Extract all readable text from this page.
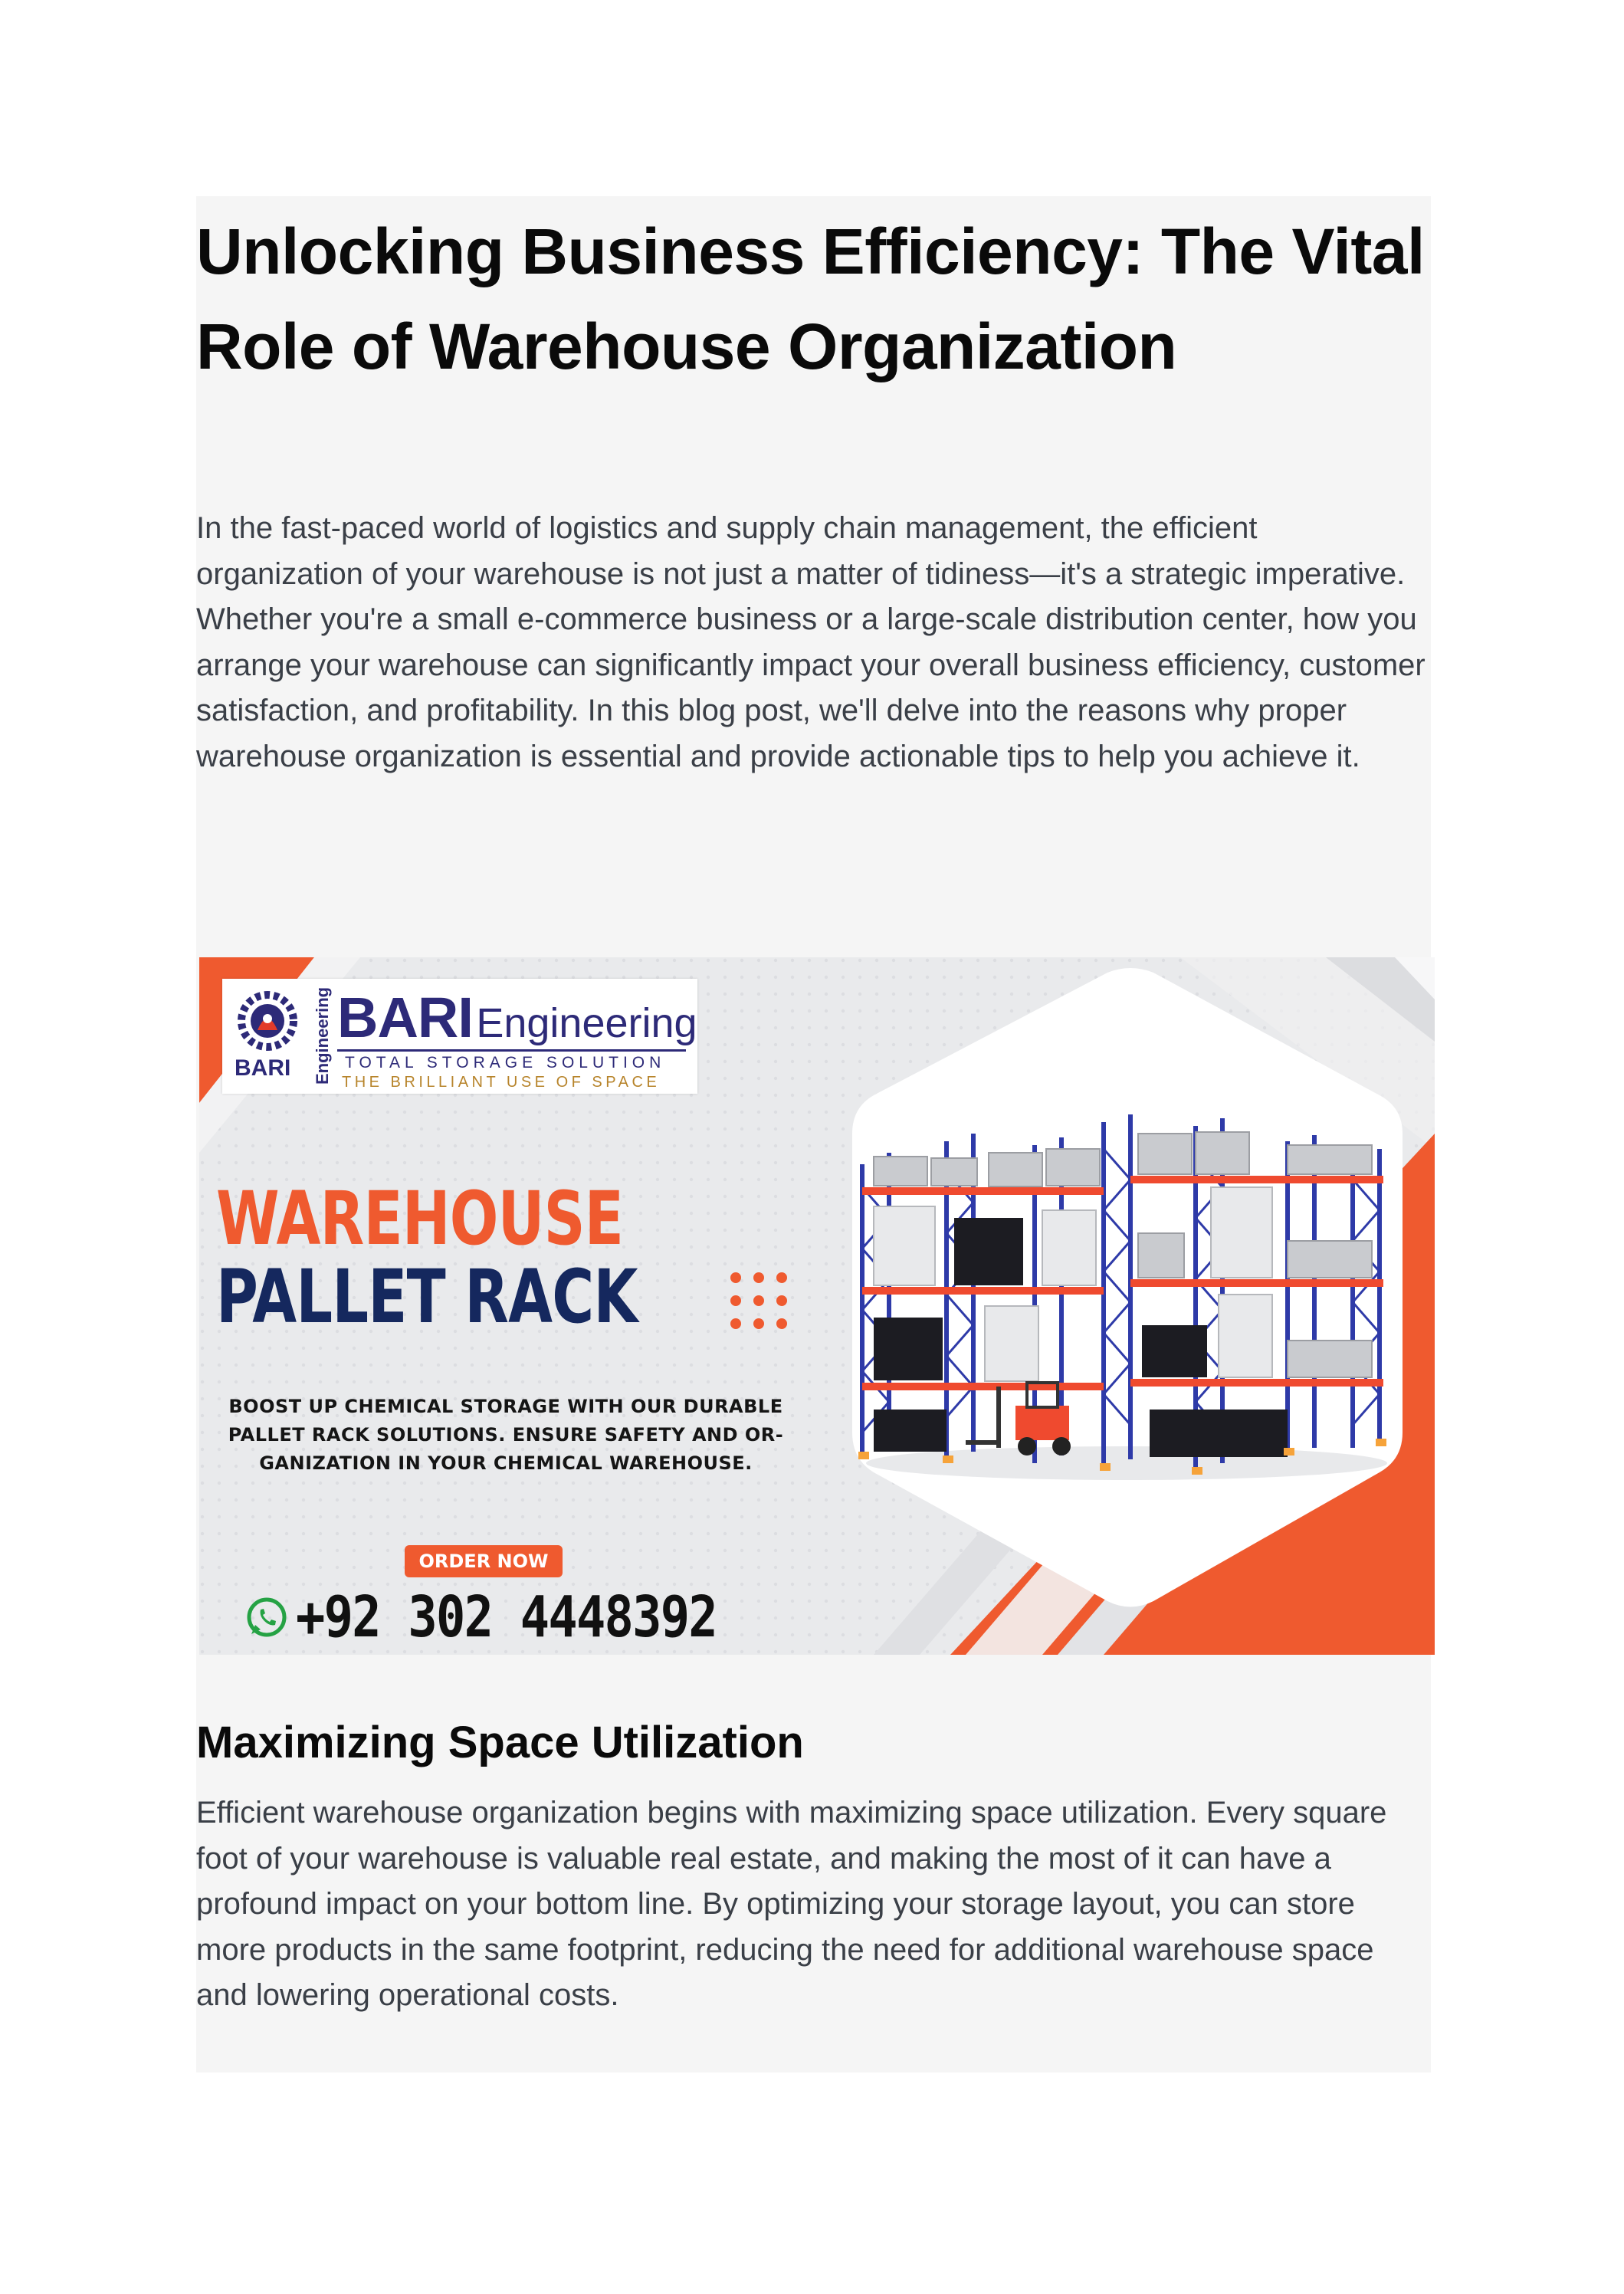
Unlocking Business Efficiency: The Vital Role of Warehouse Organization

In the fast-paced world of logistics and supply chain management, the efficient organization of your warehouse is not just a matter of tidiness—it's a strategic imperative. Whether you're a small e-commerce business or a large-scale distribution center, how you arrange your warehouse can significantly impact your overall business efficiency, customer satisfaction, and profitability. In this blog post, we'll delve into the reasons why proper warehouse organization is essential and provide actionable tips to help you achieve it.

BARI Engineering BARI Engineering
TOTAL STORAGE SOLUTION
THE BRILLIANT USE OF SPACE
WAREHOUSE
PALLET RACK

BOOST UP CHEMICAL STORAGE WITH OUR DURABLE PALLET RACK SOLUTIONS. ENSURE SAFETY AND OR-GANIZATION IN YOUR CHEMICAL WAREHOUSE.

ORDER NOW

+92 302 4448392

Maximizing Space Utilization

Efficient warehouse organization begins with maximizing space utilization. Every square foot of your warehouse is valuable real estate, and making the most of it can have a profound impact on your bottom line. By optimizing your storage layout, you can store more products in the same footprint, reducing the need for additional warehouse space and lowering operational costs.
